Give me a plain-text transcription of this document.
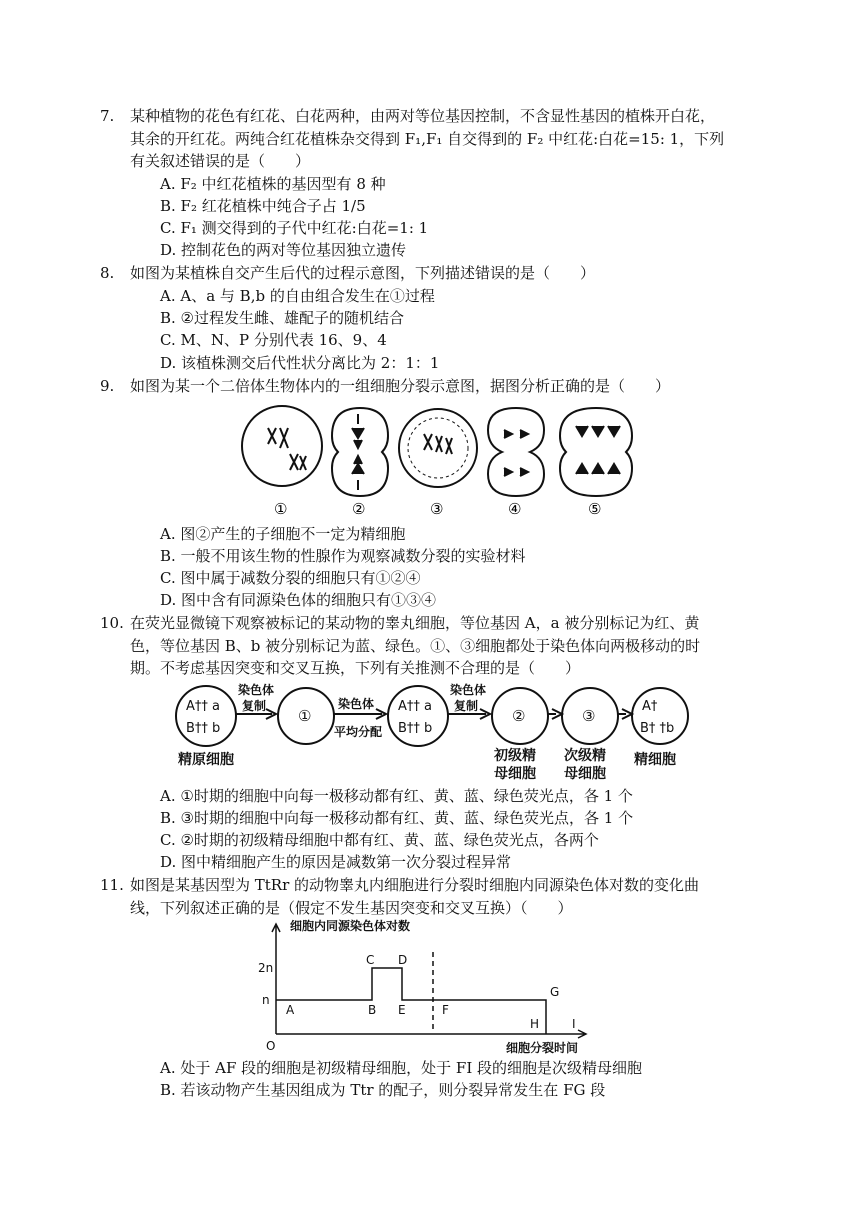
7. 某种植物的花色有红花、白花两种，由两对等位基因控制，不含显性基因的植株开白花，
其余的开红花。两纯合红花植株杂交得到 F₁,F₁ 自交得到的 F₂ 中红花:白花=15: 1，下列
有关叙述错误的是（　　）
A. F₂ 中红花植株的基因型有 8 种
B. F₂ 红花植株中纯合子占 1/5
C. F₁ 测交得到的子代中红花:白花=1: 1
D. 控制花色的两对等位基因独立遗传
8. 如图为某植株自交产生后代的过程示意图，下列描述错误的是（　　）
A. A、a 与 B,b 的自由组合发生在①过程
B. ②过程发生雌、雄配子的随机结合
C. M、N、P 分别代表 16、9、4
D. 该植株测交后代性状分离比为 2：1：1
9. 如图为某一个二倍体生物体内的一组细胞分裂示意图，据图分析正确的是（　　）
①	②	③	④	⑤
A. 图②产生的子细胞不一定为精细胞
B. 一般不用该生物的性腺作为观察减数分裂的实验材料
C. 图中属于减数分裂的细胞只有①②④
D. 图中含有同源染色体的细胞只有①③④
10. 在荧光显微镜下观察被标记的某动物的睾丸细胞，等位基因 A，a 被分别标记为红、黄
色，等位基因 B、b 被分别标记为蓝、绿色。①、③细胞都处于染色体向两极移动的时
期。不考虑基因突变和交叉互换，下列有关推测不合理的是（　　）
A†† a
B†† b
①
A†† a
B†† b
②	③
A†
B† †b
染色体
复制	染色体
平均分配
染色体
复制
精原细胞	初级精
母细胞
次级精
母细胞
精细胞
A. ①时期的细胞中向每一极移动都有红、黄、蓝、绿色荧光点，各 1 个
B. ③时期的细胞中向每一极移动都有红、黄、蓝、绿色荧光点，各 1 个
C. ②时期的初级精母细胞中都有红、黄、蓝、绿色荧光点，各两个
D. 图中精细胞产生的原因是减数第一次分裂过程异常
11. 如图是某基因型为 TtRr 的动物睾丸内细胞进行分裂时细胞内同源染色体对数的变化曲
线，下列叙述正确的是（假定不发生基因突变和交叉互换）（　　）
细胞内同源染色体对数
细胞分裂时间
2n
n
O
A	B
C D
E	F
G
H	I
A. 处于 AF 段的细胞是初级精母细胞，处于 FI 段的细胞是次级精母细胞
B. 若该动物产生基因组成为 Ttr 的配子，则分裂异常发生在 FG 段
